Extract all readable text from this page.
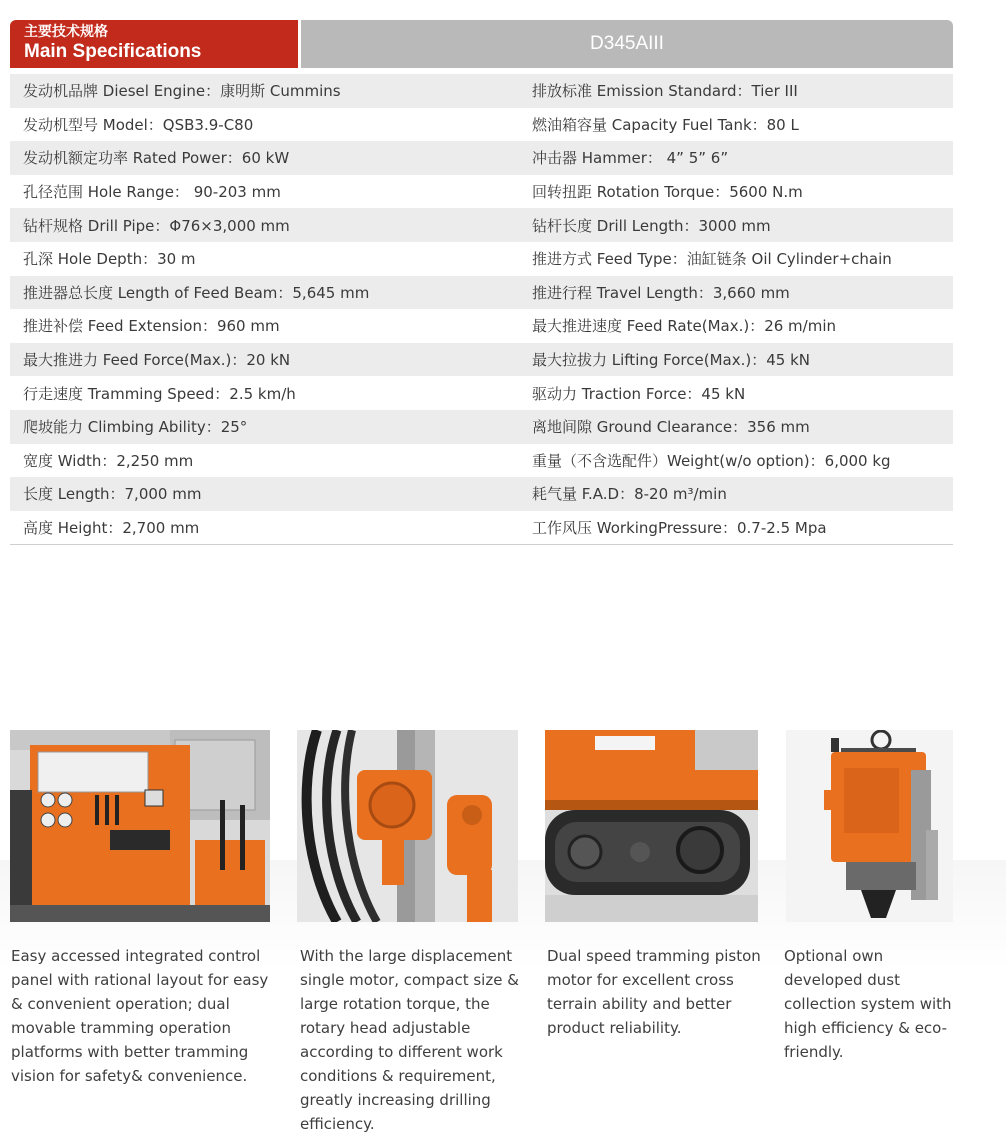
主要技术规格
Main Specifications	D345AIII
发动机品牌 Diesel Engine：康明斯 Cummins	排放标准 Emission Standard：Tier III
发动机型号 Model：QSB3.9-C80	燃油箱容量 Capacity Fuel Tank：80 L
发动机额定功率 Rated Power：60 kW	冲击器 Hammer： 4” 5” 6”
孔径范围 Hole Range： 90-203 mm	回转扭距 Rotation Torque：5600 N.m
钻杆规格 Drill Pipe：Φ76×3,000 mm	钻杆长度 Drill Length：3000 mm
孔深 Hole Depth：30 m	推进方式 Feed Type：油缸链条 Oil Cylinder+chain
推进器总长度 Length of Feed Beam：5,645 mm	推进行程 Travel Length：3,660 mm
推进补偿 Feed Extension：960 mm	最大推进速度 Feed Rate(Max.)：26 m/min
最大推进力 Feed Force(Max.)：20 kN	最大拉拔力 Lifting Force(Max.)：45 kN
行走速度 Tramming Speed：2.5 km/h	驱动力 Traction Force：45 kN
爬坡能力 Climbing Ability：25°	离地间隙 Ground Clearance：356 mm
宽度 Width：2,250 mm	重量（不含选配件）Weight(w/o option)：6,000 kg
长度 Length：7,000 mm	耗气量 F.A.D：8-20 m³/min
高度 Height：2,700 mm	工作风压 WorkingPressure：0.7-2.5 Mpa
Easy accessed integrated control panel with rational layout for easy & convenient operation; dual movable tramming operation platforms with better tramming vision for safety& convenience.
With the large displacement single motor, compact size & large rotation torque, the rotary head adjustable according to different work conditions & requirement, greatly increasing drilling efficiency.
Dual speed tramming piston motor for excellent cross terrain ability and better product reliability.
Optional own developed dust collection system with high efficiency & eco-friendly.
